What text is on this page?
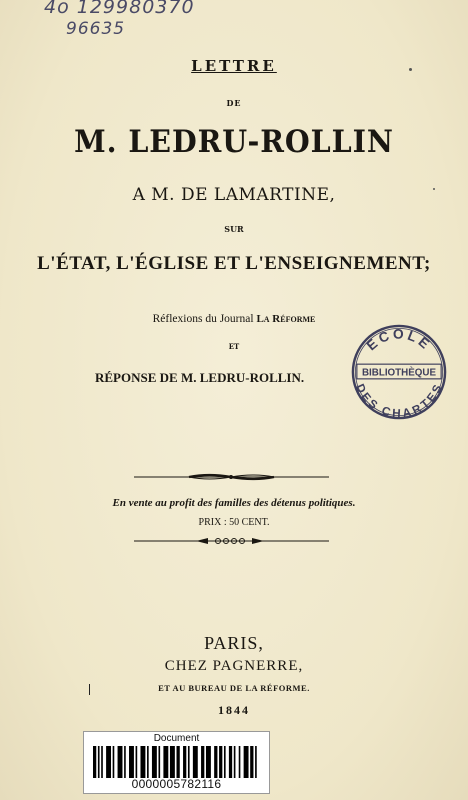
4o 129980370
96635
LETTRE
DE
M. LEDRU-ROLLIN
A M. DE LAMARTINE,
SUR
L'ÉTAT, L'ÉGLISE ET L'ENSEIGNEMENT;
Réflexions du Journal La Réforme
ET
RÉPONSE DE M. LEDRU-ROLLIN.
ECOLE
BIBLIOTHÈQUE
DES CHARTES
En vente au profit des familles des détenus politiques.
PRIX : 50 CENT.
PARIS,
CHEZ PAGNERRE,
ET AU BUREAU DE LA RÉFORME.
1844
Document
0000005782116
